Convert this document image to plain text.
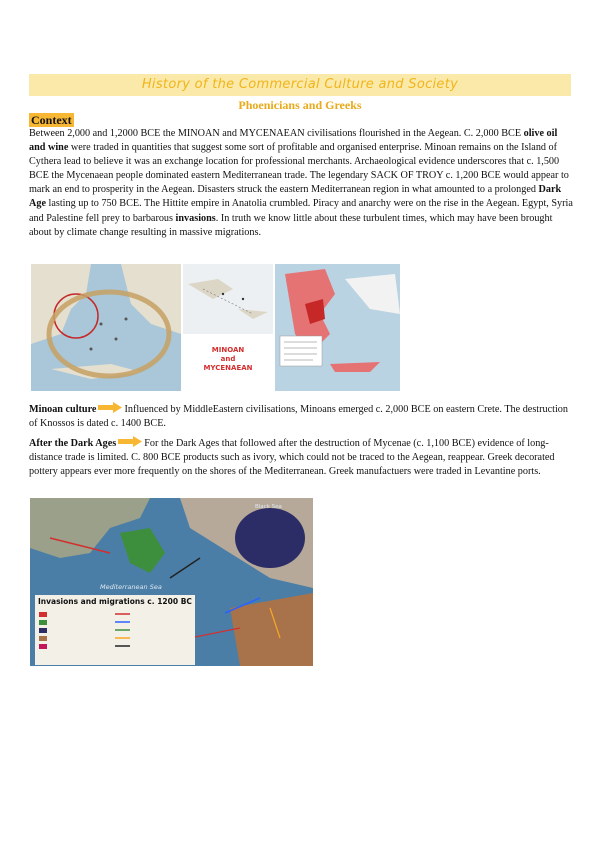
History of the Commercial Culture and Society
Phoenicians and Greeks
Context

Between 2,000 and 1,2000 BCE the MINOAN and MYCENAEAN civilisations flourished in the Aegean. C. 2,000 BCE olive oil and wine were traded in quantities that suggest some sort of profitable and organised enterprise. Minoan remains on the Island of Cythera lead to believe it was an exchange location for professional merchants. Archaeological evidence underscores that c. 1,500 BCE the Mycenaean people dominated eastern Mediterranean trade. The legendary SACK OF TROY c. 1,200 BCE would appear to mark an end to prosperity in the Aegean. Disasters struck the eastern Mediterranean region in what amounted to a prolonged Dark Age lasting up to 750 BCE. The Hittite empire in Anatolia crumbled. Piracy and anarchy were on the rise in the Aegean. Egypt, Syria and Palestine fell prey to barbarous invasions. In truth we know little about these turbulent times, which may have been brought about by climate change resulting in massive migrations.

MINOAN
and
MYCENAEAN

Minoan culture	Influenced by MiddleEastern civilisations, Minoans emerged c. 2,000 BCE on eastern Crete. The destruction of Knossos is dated c. 1400 BCE.

After the Dark Ages	For the Dark Ages that followed after the destruction of Mycenae (c. 1,100 BCE) evidence of long-distance trade is limited. C. 800 BCE products such as ivory, which could not be traced to the Aegean, reappear. Greek decorated pottery appears ever more frequently on the shores of the Mediterranean. Greek manufactuers were traded in Levantine ports.

Invasions and migrations c. 1200 BC
Mediterranean Sea
Black Sea
